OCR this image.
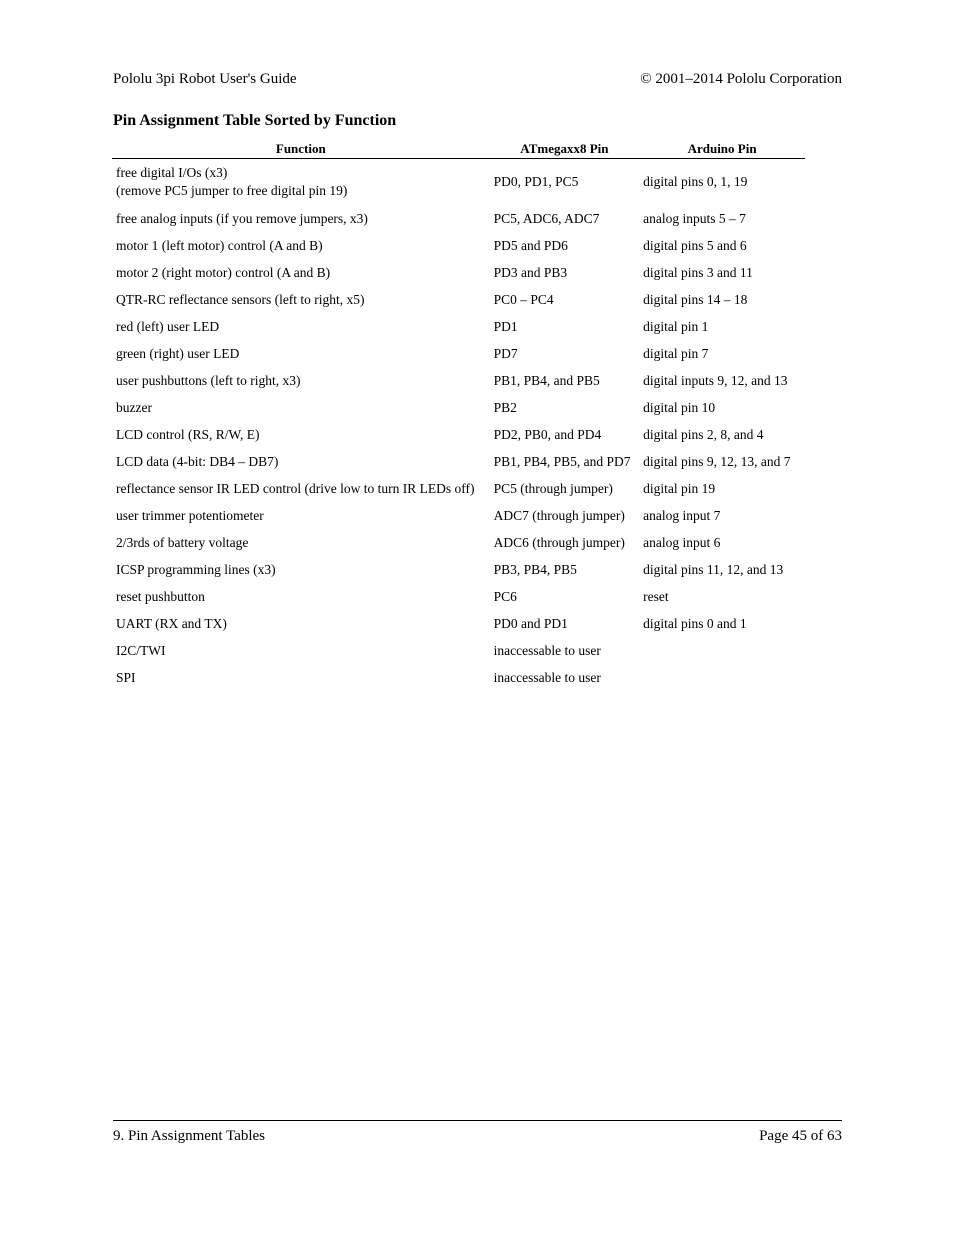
Pololu 3pi Robot User's Guide	© 2001–2014 Pololu Corporation
Pin Assignment Table Sorted by Function
Function	ATmegaxx8 Pin	Arduino Pin

free digital I/Os (x3)
(remove PC5 jumper to free digital pin 19)	PD0, PD1, PC5	digital pins 0, 1, 19
free analog inputs (if you remove jumpers, x3)	PC5, ADC6, ADC7	analog inputs 5 – 7
motor 1 (left motor) control (A and B)	PD5 and PD6	digital pins 5 and 6
motor 2 (right motor) control (A and B)	PD3 and PB3	digital pins 3 and 11
QTR-RC reflectance sensors (left to right, x5)	PC0 – PC4	digital pins 14 – 18
red (left) user LED	PD1	digital pin 1
green (right) user LED	PD7	digital pin 7
user pushbuttons (left to right, x3)	PB1, PB4, and PB5	digital inputs 9, 12, and 13
buzzer	PB2	digital pin 10
LCD control (RS, R/W, E)	PD2, PB0, and PD4	digital pins 2, 8, and 4
LCD data (4-bit: DB4 – DB7)	PB1, PB4, PB5, and PD7	digital pins 9, 12, 13, and 7
reflectance sensor IR LED control (drive low to turn IR LEDs off)	PC5 (through jumper)	digital pin 19
user trimmer potentiometer	ADC7 (through jumper)	analog input 7
2/3rds of battery voltage	ADC6 (through jumper)	analog input 6
ICSP programming lines (x3)	PB3, PB4, PB5	digital pins 11, 12, and 13
reset pushbutton	PC6	reset
UART (RX and TX)	PD0 and PD1	digital pins 0 and 1
I2C/TWI	inaccessable to user	
SPI	inaccessable to user	
9. Pin Assignment Tables	Page 45 of 63
